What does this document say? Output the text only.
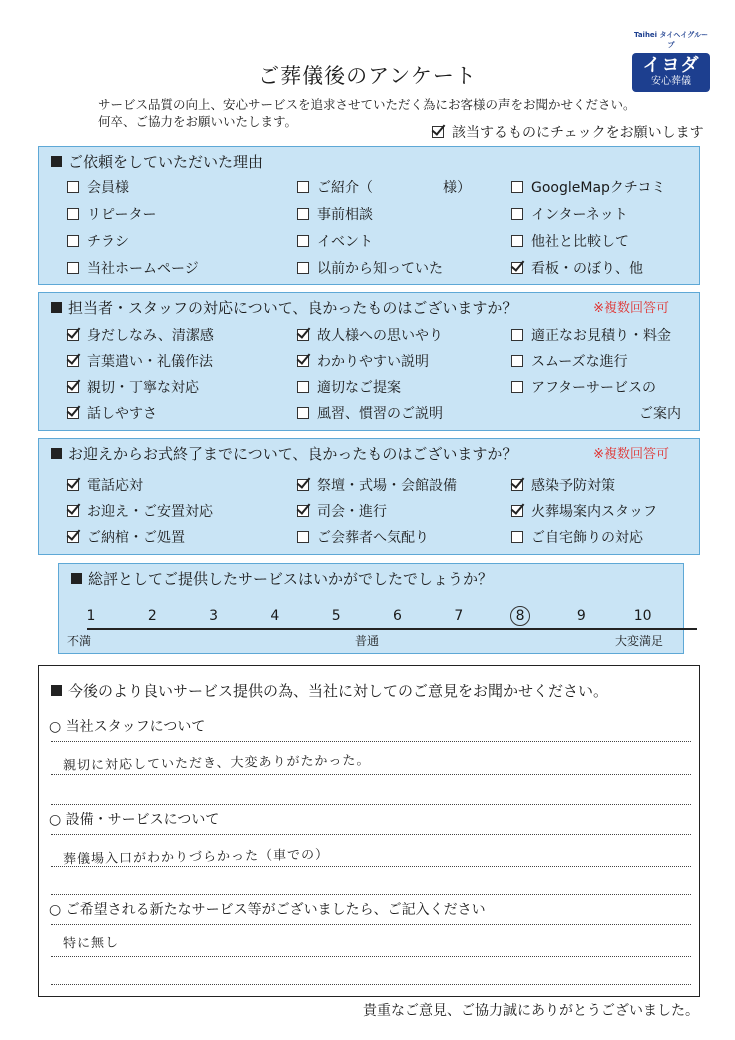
Taihei タイヘイグループ
イヨダ
安心葬儀
ご葬儀後のアンケート
サービス品質の向上、安心サービスを追求させていただく為にお客様の声をお聞かせください。
何卒、ご協力をお願いいたします。
該当するものにチェックをお願いします
ご依頼をしていただいた理由
会員様	ご紹介（　　　　　様）	GoogleMapクチコミ
リピーター	事前相談	インターネット
チラシ	イベント	他社と比較して
当社ホームページ	以前から知っていた	看板・のぼり、他
担当者・スタッフの対応について、良かったものはございますか？	※複数回答可
身だしなみ、清潔感	故人様への思いやり	適正なお見積り・料金
言葉遣い・礼儀作法	わかりやすい説明	スムーズな進行
親切・丁寧な対応	適切なご提案	アフターサービスの
話しやすさ	風習、慣習のご説明	ご案内
お迎えからお式終了までについて、良かったものはございますか？	※複数回答可
電話応対	祭壇・式場・会館設備	感染予防対策
お迎え・ご安置対応	司会・進行	火葬場案内スタッフ
ご納棺・ご処置	ご会葬者へ気配り	ご自宅飾りの対応
総評としてご提供したサービスはいかがでしたでしょうか？
1	2	3	4	5	6	7	8	9	10
不満	普通	大変満足
今後のより良いサービス提供の為、当社に対してのご意見をお聞かせください。
○ 当社スタッフについて
親切に対応していただき、大変ありがたかった。
○ 設備・サービスについて
葬儀場入口がわかりづらかった（車での）
○ ご希望される新たなサービス等がございましたら、ご記入ください
特に無し
貴重なご意見、ご協力誠にありがとうございました。
